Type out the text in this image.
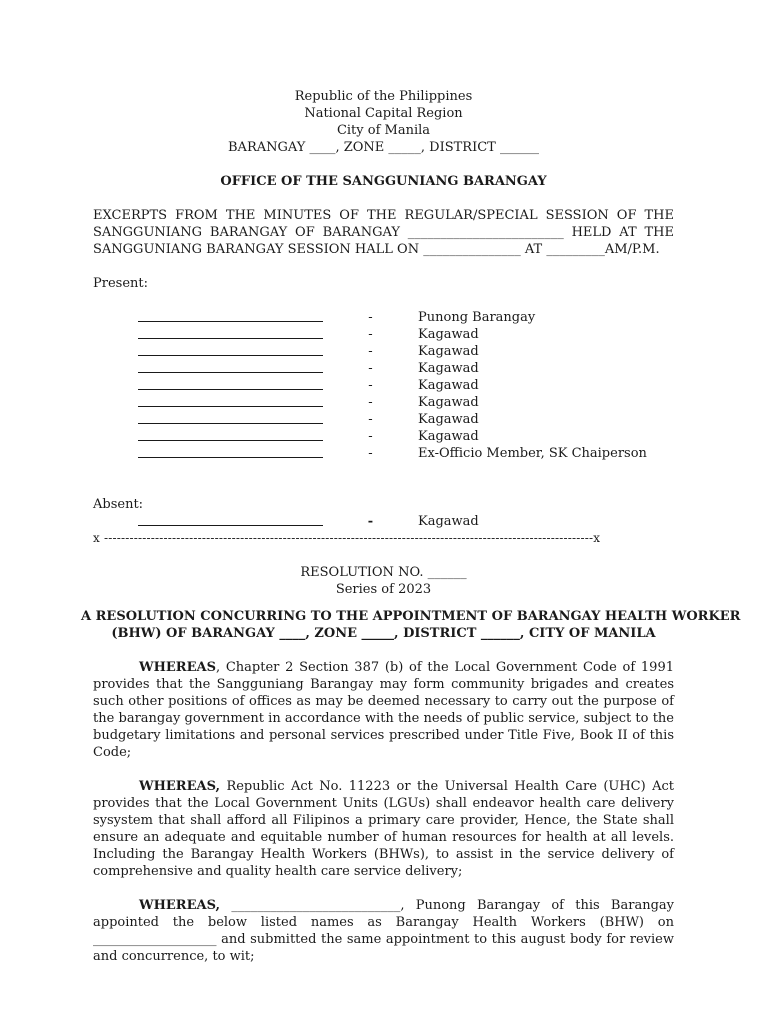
Republic of the Philippines
National Capital Region
City of Manila
BARANGAY ____, ZONE _____, DISTRICT ______
OFFICE OF THE SANGGUNIANG BARANGAY
EXCERPTS FROM THE MINUTES OF THE REGULAR/SPECIAL SESSION OF THE
SANGGUNIANG BARANGAY OF BARANGAY ________________________ HELD AT THE
SANGGUNIANG BARANGAY SESSION HALL ON _______________ AT _________AM/P.M.
Present:
-	Punong Barangay
-	Kagawad
-	Kagawad
-	Kagawad
-	Kagawad
-	Kagawad
-	Kagawad
-	Kagawad
-	Ex-Officio Member, SK Chaiperson
Absent:
-	Kagawad
x -------------------------------------------------------------------------------------------------------------------x
RESOLUTION NO. ______
Series of 2023
A RESOLUTION CONCURRING TO THE APPOINTMENT OF BARANGAY HEALTH WORKER
(BHW) OF BARANGAY ____, ZONE _____, DISTRICT ______, CITY OF MANILA

WHEREAS, Chapter 2 Section 387 (b) of the Local Government Code of 1991 provides that the Sangguniang Barangay may form community brigades and creates such other positions of offices as may be deemed necessary to carry out the purpose of the barangay government in accordance with the needs of public service, subject to the budgetary limitations and personal services prescribed under Title Five, Book II of this Code;

WHEREAS, Republic Act No. 11223 or the Universal Health Care (UHC) Act provides that the Local Government Units (LGUs) shall endeavor health care delivery sysystem that shall afford all Filipinos a primary care provider, Hence, the State shall ensure an adequate and equitable number of human resources for health at all levels. Including the Barangay Health Workers (BHWs), to assist in the service delivery of comprehensive and quality health care service delivery;

WHEREAS, __________________________, Punong Barangay of this Barangay appointed the below listed names as Barangay Health Workers (BHW) on ___________________ and submitted the same appointment to this august body for review and concurrence, to wit;
